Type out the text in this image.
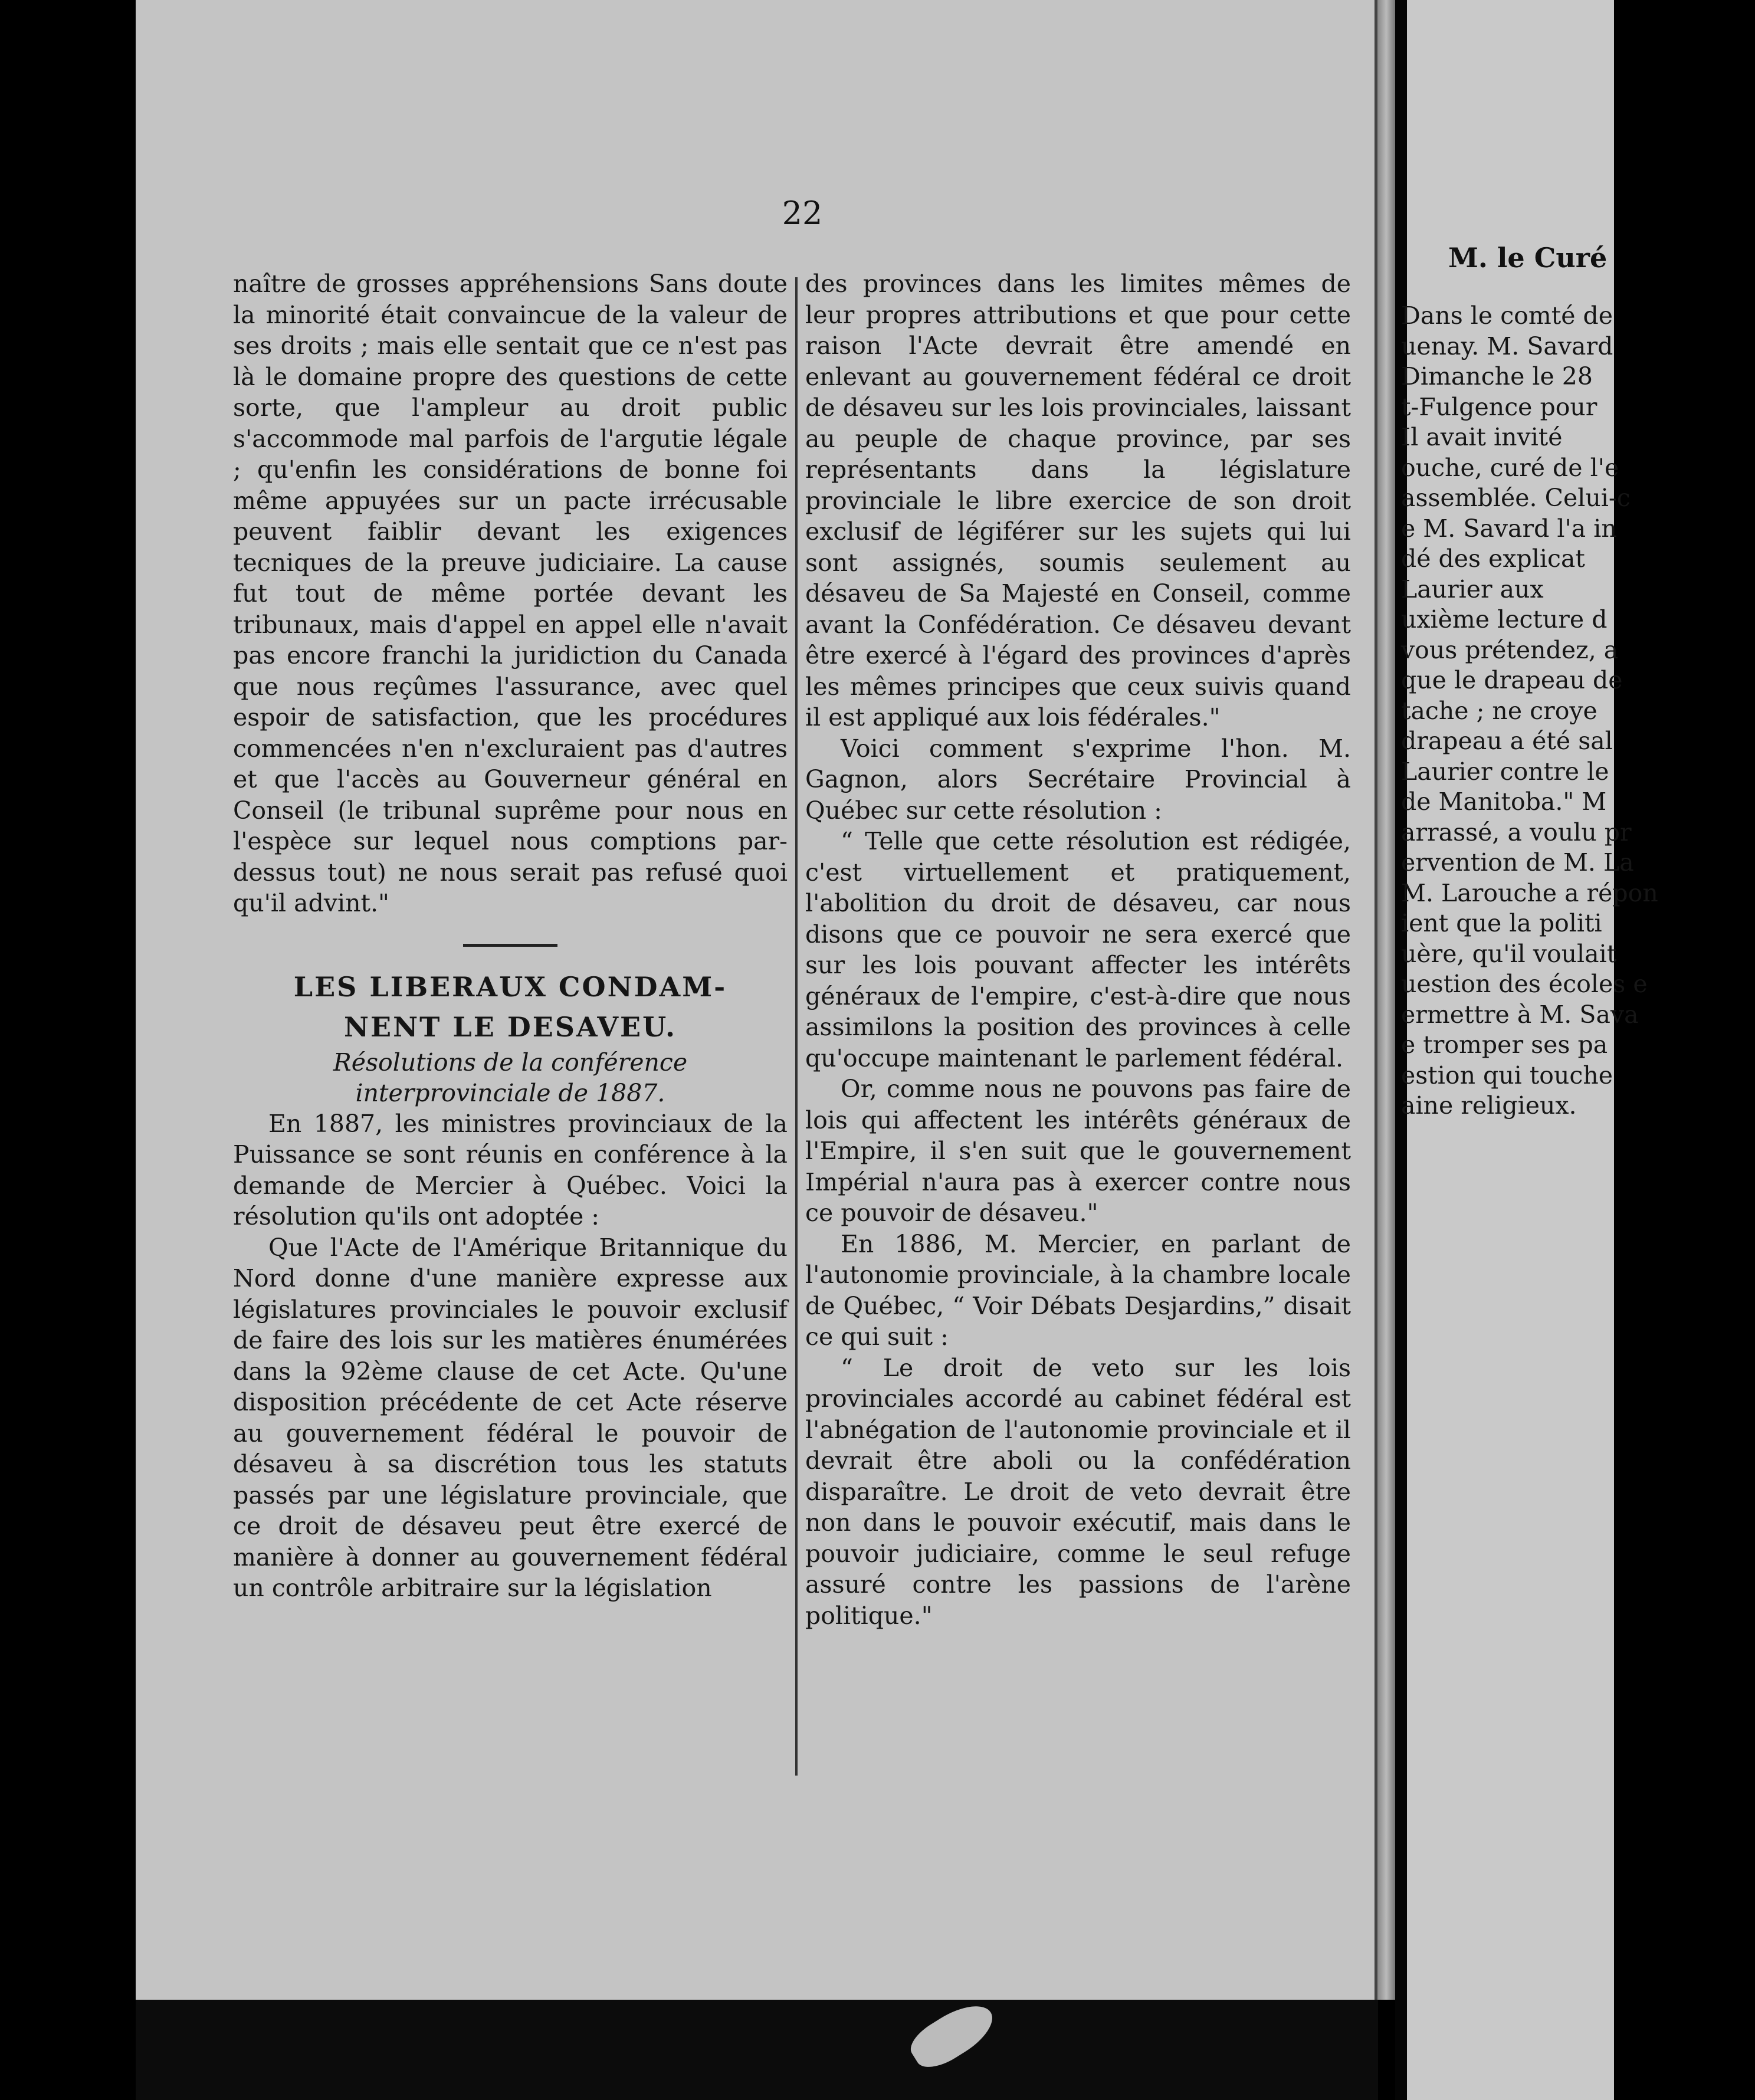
M. le Curé
Dans le comté de
uenay. M. Savard
Dimanche le 28
t-Fulgence pour
Il avait invité
ouche, curé de l'e
assemblée. Celui-c
e M. Savard l'a in
dé des explicat
Laurier aux
uxième lecture d
vous prétendez, a
que le drapeau de
tache ; ne croye
drapeau a été sal
Laurier contre le
de Manitoba." M
arrassé, a voulu pr
ervention de M. La
M. Larouche a répon
ient que la politi
uère, qu'il voulait
uestion des écoles e
ermettre à M. Sava
e tromper ses pa
estion qui touche
aine religieux.
22

naître de grosses appréhensions Sans doute la minorité était convaincue de la valeur de ses droits ; mais elle sentait que ce n'est pas là le domaine propre des questions de cette sorte, que l'ampleur au droit public s'accommode mal parfois de l'argutie légale ; qu'enfin les considérations de bonne foi même appuyées sur un pacte irrécusable peuvent faiblir devant les exigences tecniques de la preuve judiciaire. La cause fut tout de même portée devant les tribunaux, mais d'appel en appel elle n'avait pas encore franchi la juridiction du Canada que nous reçûmes l'assurance, avec quel espoir de satisfaction, que les procédures commencées n'en n'excluraient pas d'autres et que l'accès au Gouverneur général en Conseil (le tribunal suprême pour nous en l'espèce sur lequel nous comptions par-dessus tout) ne nous serait pas refusé quoi qu'il advint."

LES LIBERAUX CONDAM-
NENT LE DESAVEU.

Résolutions de la conférence interprovinciale de 1887.

En 1887, les ministres provinciaux de la Puissance se sont réunis en conférence à la demande de Mercier à Québec. Voici la résolution qu'ils ont adoptée :

Que l'Acte de l'Amérique Britannique du Nord donne d'une manière expresse aux législatures provinciales le pouvoir exclusif de faire des lois sur les matières énumérées dans la 92ème clause de cet Acte. Qu'une disposition précédente de cet Acte réserve au gouvernement fédéral le pouvoir de désaveu à sa discrétion tous les statuts passés par une législature provinciale, que ce droit de désaveu peut être exercé de manière à donner au gouvernement fédéral un contrôle arbitraire sur la législation

des provinces dans les limites mêmes de leur propres attributions et que pour cette raison l'Acte devrait être amendé en enlevant au gouvernement fédéral ce droit de désaveu sur les lois provinciales, laissant au peuple de chaque province, par ses représentants dans la législature provinciale le libre exercice de son droit exclusif de légiférer sur les sujets qui lui sont assignés, soumis seulement au désaveu de Sa Majesté en Conseil, comme avant la Confédération. Ce désaveu devant être exercé à l'égard des provinces d'après les mêmes principes que ceux suivis quand il est appliqué aux lois fédérales."

Voici comment s'exprime l'hon. M. Gagnon, alors Secrétaire Provincial à Québec sur cette résolution :

“ Telle que cette résolution est rédigée, c'est virtuellement et pratiquement, l'abolition du droit de désaveu, car nous disons que ce pouvoir ne sera exercé que sur les lois pouvant affecter les intérêts généraux de l'empire, c'est-à-dire que nous assimilons la position des provinces à celle qu'occupe maintenant le parlement fédéral.

Or, comme nous ne pouvons pas faire de lois qui affectent les intérêts généraux de l'Empire, il s'en suit que le gouvernement Impérial n'aura pas à exercer contre nous ce pouvoir de désaveu."

En 1886, M. Mercier, en parlant de l'autonomie provinciale, à la chambre locale de Québec, “ Voir Débats Desjardins,” disait ce qui suit :

“ Le droit de veto sur les lois provinciales accordé au cabinet fédéral est l'abnégation de l'autonomie provinciale et il devrait être aboli ou la confédération disparaître. Le droit de veto devrait être non dans le pouvoir exécutif, mais dans le pouvoir judiciaire, comme le seul refuge assuré contre les passions de l'arène politique."
